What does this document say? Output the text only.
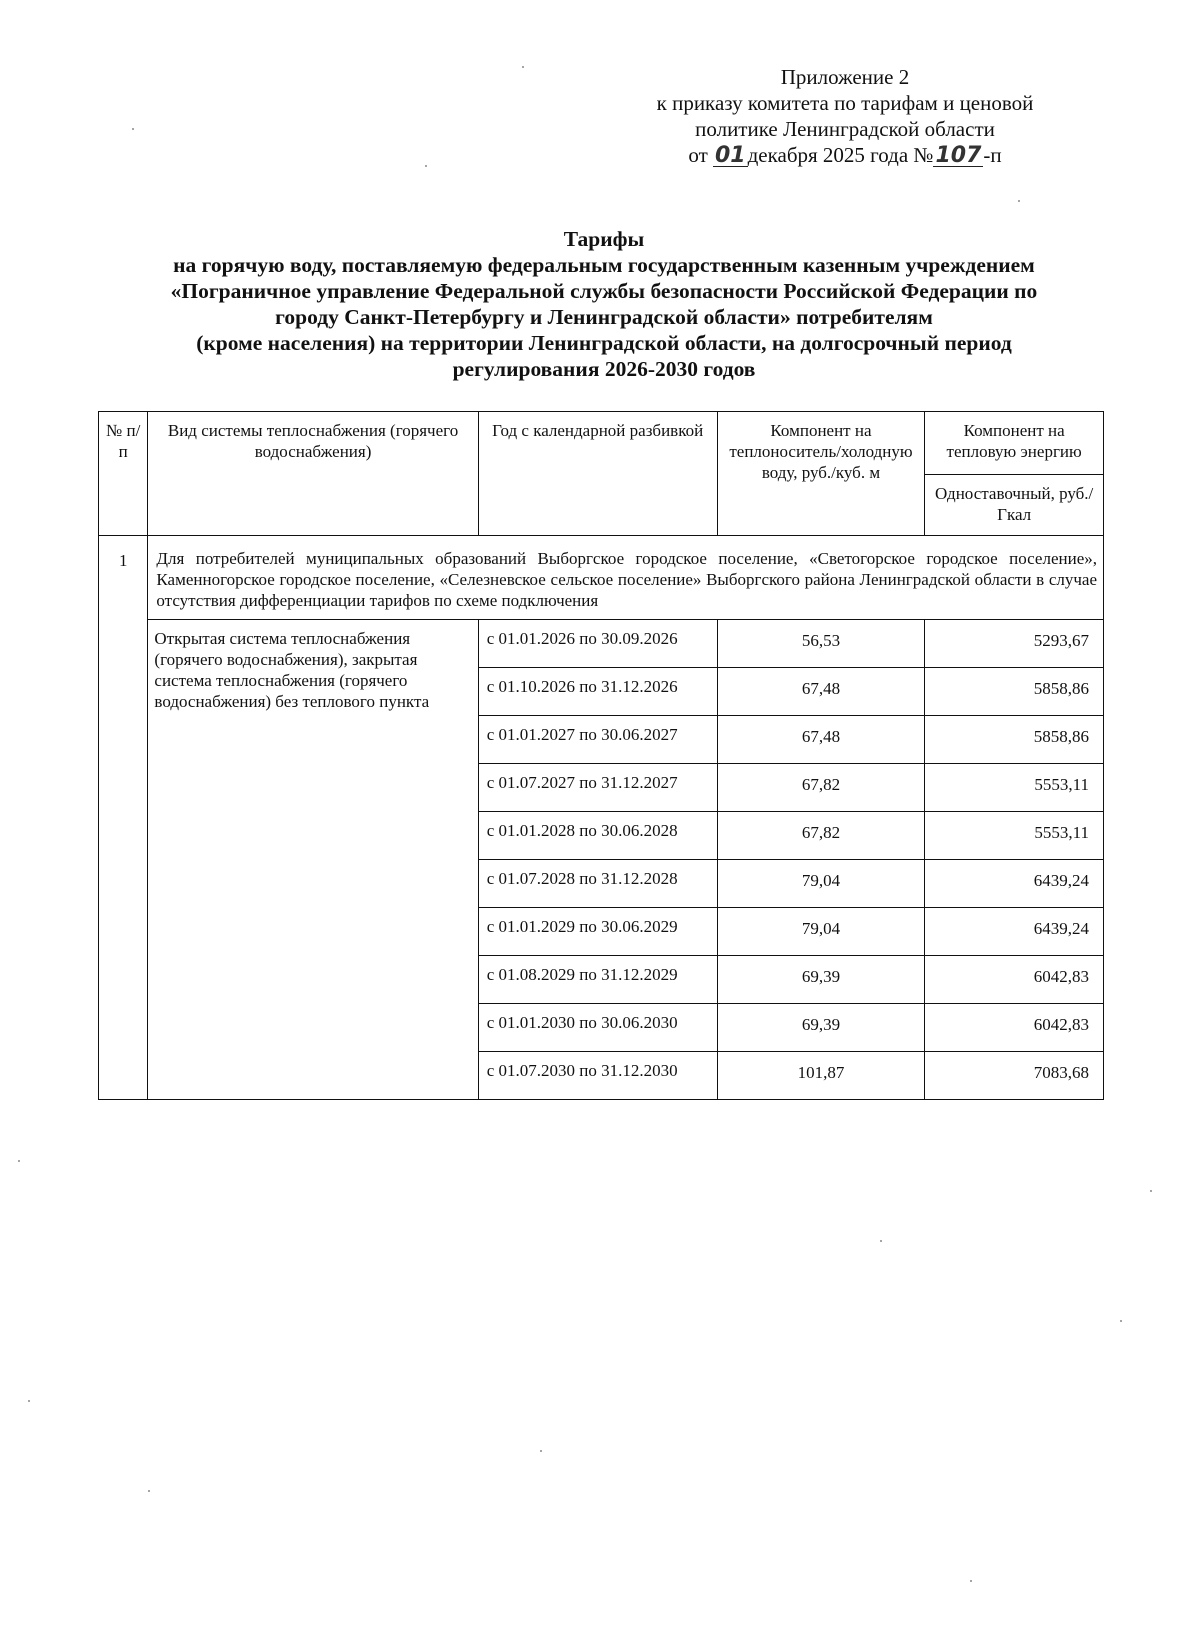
Приложение 2
к приказу комитета по тарифам и ценовой
политике Ленинградской области
от 01декабря 2025 года №107-п
Тарифы
на горячую воду, поставляемую федеральным государственным казенным учреждением
«Пограничное управление Федеральной службы безопасности Российской Федерации по
городу Санкт-Петербургу и Ленинградской области» потребителям
(кроме населения) на территории Ленинградской области, на долгосрочный период
регулирования 2026-2030 годов
№ п/п	Вид системы теплоснабжения (горячего водоснабжения)	Год с календарной разбивкой	Компонент на теплоноситель/холодную воду, руб./куб. м	Компонент на тепловую энергию
				Одноставочный, руб./Гкал
1	Для потребителей муниципальных образований Выборгское городское поселение, «Светогорское городское поселение», Каменногорское городское поселение, «Селезневское сельское поселение» Выборгского района Ленинградской области в случае отсутствия дифференциации тарифов по схеме подключения			
	Открытая система теплоснабжения (горячего водоснабжения), закрытая система теплоснабжения (горячего водоснабжения) без теплового пункта	с 01.01.2026 по 30.09.2026	56,53	5293,67
		с 01.10.2026 по 31.12.2026	67,48	5858,86
		с 01.01.2027 по 30.06.2027	67,48	5858,86
		с 01.07.2027 по 31.12.2027	67,82	5553,11
		с 01.01.2028 по 30.06.2028	67,82	5553,11
		с 01.07.2028 по 31.12.2028	79,04	6439,24
		с 01.01.2029 по 30.06.2029	79,04	6439,24
		с 01.08.2029 по 31.12.2029	69,39	6042,83
		с 01.01.2030 по 30.06.2030	69,39	6042,83
		с 01.07.2030 по 31.12.2030	101,87	7083,68
